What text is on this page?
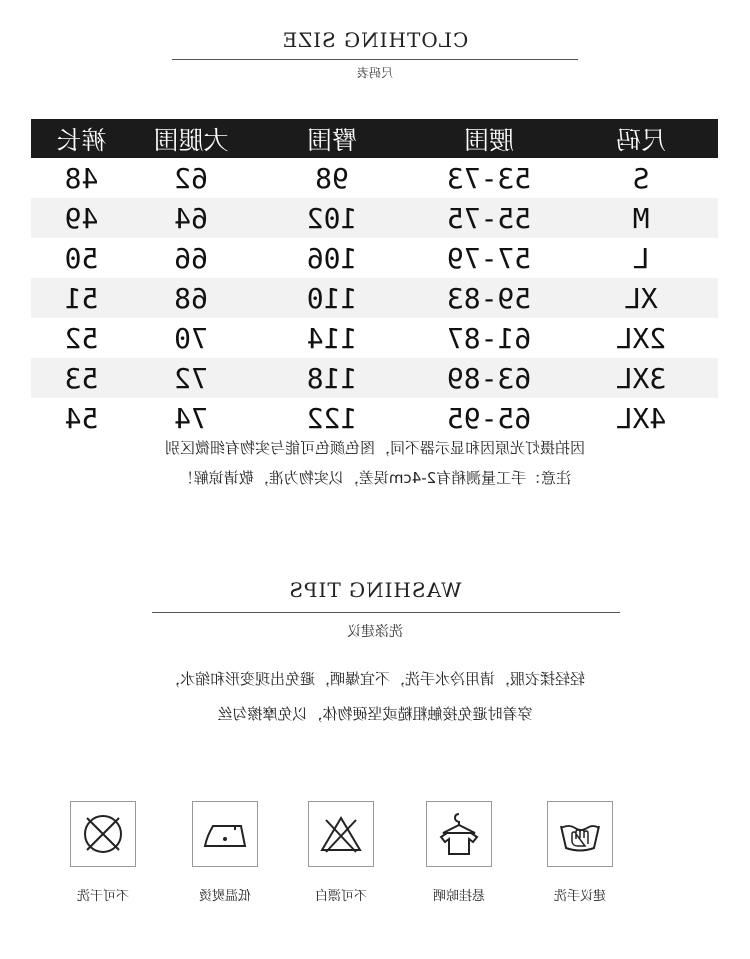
CLOTHING SIZE
尺码表
尺码
腰围
臀围
大腿围
裤长
S
53-73
98
62
48
M
55-75
102
64
49
L
57-79
106
66
50
XL
59-83
110
68
51
2XL
61-87
114
70
52
3XL
63-89
118
72
53
4XL
65-95
122
74
54
因拍摄灯光原因和显示器不同，图色颜色可能与实物有细微区别
注意：手工量测稍有2-4cm误差，以实物为准，敬请谅解！
WASHING TIPS
洗涤建议
轻轻揉衣服，请用冷水手洗，不宜爆晒，避免出现变形和缩水，
穿着时避免接触粗糙或坚硬物体，以免摩擦勾丝
建议手洗
悬挂晾晒
不可漂白
低温熨烫
不可干洗
